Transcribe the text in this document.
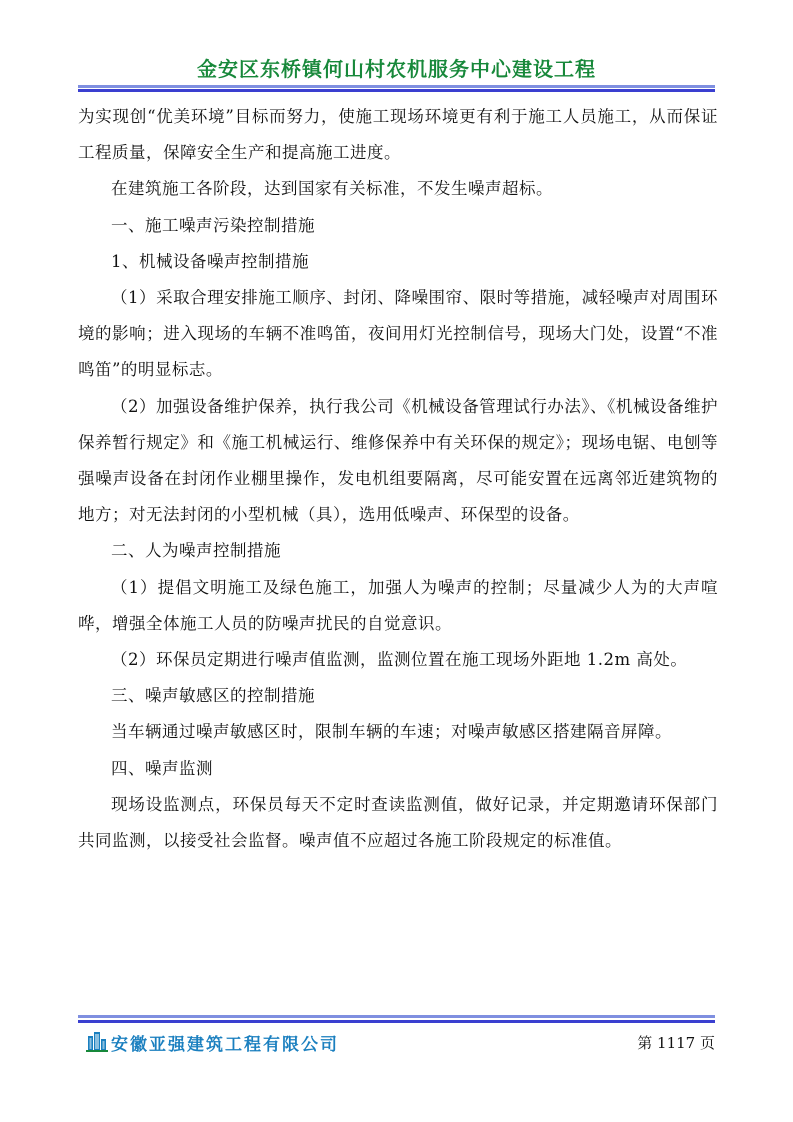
金安区东桥镇何山村农机服务中心建设工程

为实现创“优美环境”目标而努力，使施工现场环境更有利于施工人员施工，从而保证工程质量，保障安全生产和提高施工进度。

在建筑施工各阶段，达到国家有关标准，不发生噪声超标。

一、施工噪声污染控制措施

1、机械设备噪声控制措施

（1）采取合理安排施工顺序、封闭、降噪围帘、限时等措施，减轻噪声对周围环境的影响；进入现场的车辆不准鸣笛，夜间用灯光控制信号，现场大门处，设置“不准鸣笛”的明显标志。

（2）加强设备维护保养，执行我公司《机械设备管理试行办法》、《机械设备维护保养暂行规定》和《施工机械运行、维修保养中有关环保的规定》；现场电锯、电刨等强噪声设备在封闭作业棚里操作，发电机组要隔离，尽可能安置在远离邻近建筑物的地方；对无法封闭的小型机械（具），选用低噪声、环保型的设备。

二、人为噪声控制措施

（1）提倡文明施工及绿色施工，加强人为噪声的控制；尽量减少人为的大声喧哗，增强全体施工人员的防噪声扰民的自觉意识。

（2）环保员定期进行噪声值监测，监测位置在施工现场外距地 1.2m 高处。

三、噪声敏感区的控制措施

当车辆通过噪声敏感区时，限制车辆的车速；对噪声敏感区搭建隔音屏障。

四、噪声监测

现场设监测点，环保员每天不定时查读监测值，做好记录，并定期邀请环保部门共同监测，以接受社会监督。噪声值不应超过各施工阶段规定的标准值。

安徽亚强建筑工程有限公司	第 1117 页
